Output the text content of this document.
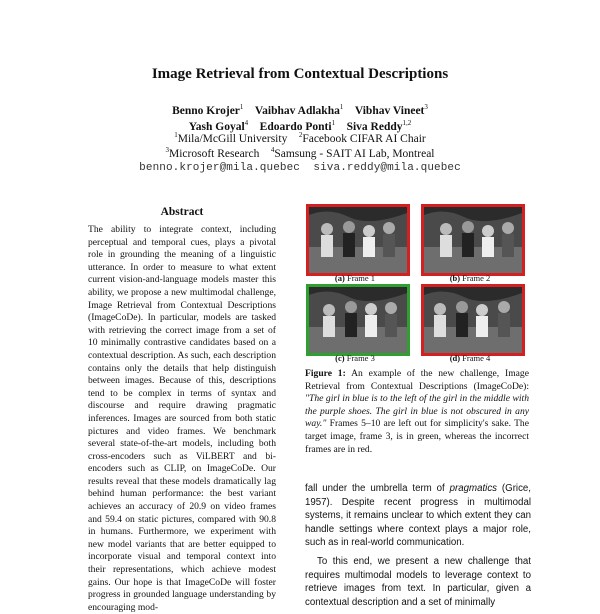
Image Retrieval from Contextual Descriptions
Benno Krojer$^1$ Vaibhav Adlakha$^1$ Vibhav Vineet$^3$
Yash Goyal$^4$ Edoardo Ponti$^1$ Siva Reddy$^{1,2}$
$^1$Mila/McGill University $^2$Facebook CIFAR AI Chair
$^3$Microsoft Research $^4$Samsung - SAIT AI Lab, Montreal
benno.krojer@mila.quebec  siva.reddy@mila.quebec
Abstract
The ability to integrate context, including perceptual and temporal cues, plays a pivotal role in grounding the meaning of a linguistic utterance. In order to measure to what extent current vision-and-language models master this ability, we propose a new multimodal challenge, Image Retrieval from Contextual Descriptions (ImageCoDe). In particular, models are tasked with retrieving the correct image from a set of 10 minimally contrastive candidates based on a contextual description. As such, each description contains only the details that help distinguish between images. Because of this, descriptions tend to be complex in terms of syntax and discourse and require drawing pragmatic inferences. Images are sourced from both static pictures and video frames. We benchmark several state-of-the-art models, including both cross-encoders such as ViLBERT and bi-encoders such as CLIP, on ImageCoDe. Our results reveal that these models dramatically lag behind human performance: the best variant achieves an accuracy of 20.9 on video frames and 59.4 on static pictures, compared with 90.8 in humans. Furthermore, we experiment with new model variants that are better equipped to incorporate visual and temporal context into their representations, which achieve modest gains. Our hope is that ImageCoDe will foster progress in grounded language understanding by encouraging mod-
(a) Frame 1	(b) Frame 2
(c) Frame 3	(d) Frame 4
Figure 1: An example of the new challenge, Image Retrieval from Contextual Descriptions (ImageCoDe): "The girl in blue is to the left of the girl in the middle with the purple shoes. The girl in blue is not obscured in any way." Frames 5–10 are left out for simplicity's sake. The target image, frame 3, is in green, whereas the incorrect frames are in red.
fall under the umbrella term of pragmatics (Grice, 1957). Despite recent progress in multimodal systems, it remains unclear to which extent they can handle settings where context plays a major role, such as in real-world communication.
To this end, we present a new challenge that requires multimodal models to leverage context to retrieve images from text. In particular, given a contextual description and a set of minimally
